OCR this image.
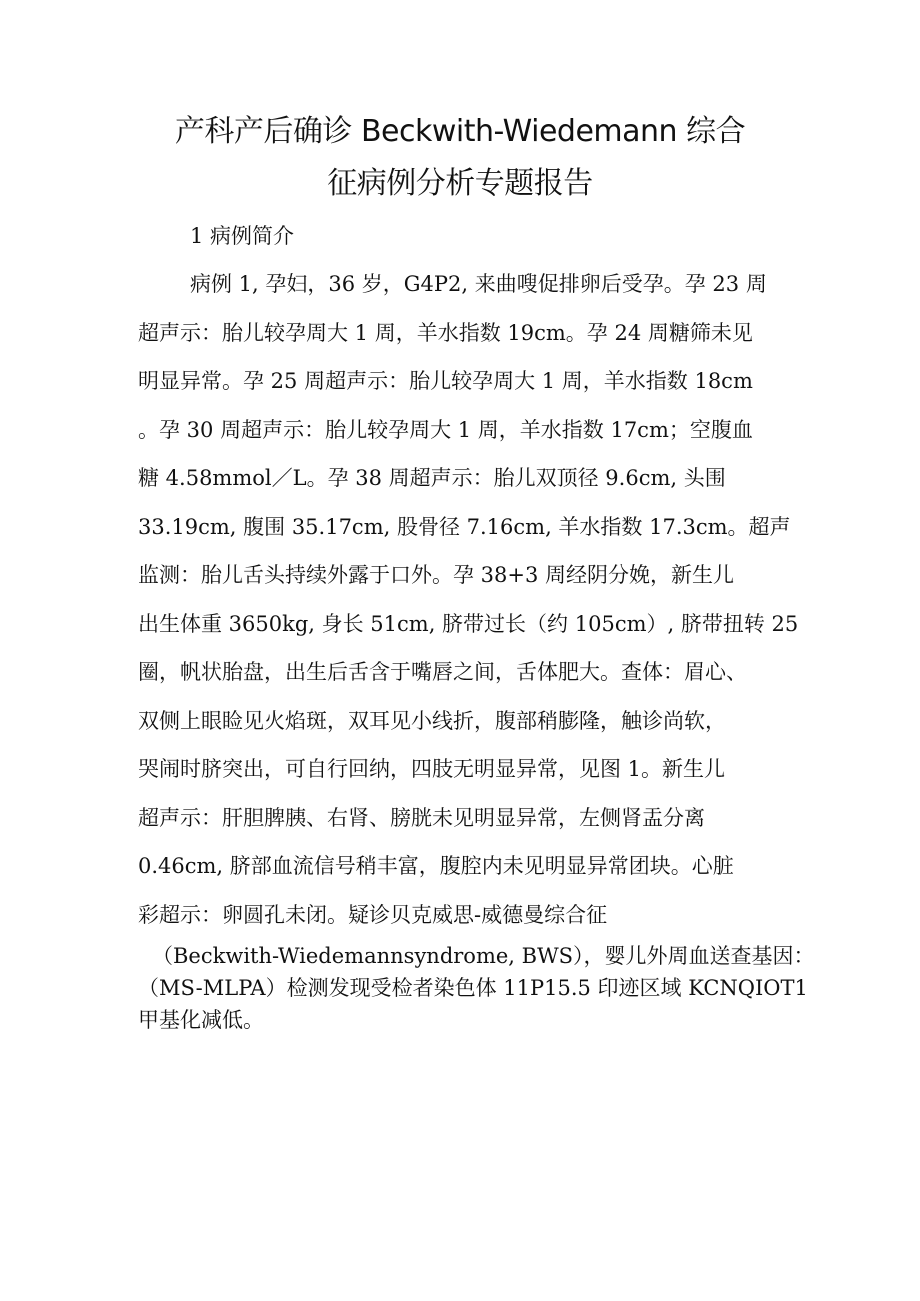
产科产后确诊 Beckwith-Wiedemann 综合
征病例分析专题报告
1 病例简介
病例 1, 孕妇，36 岁，G4P2, 来曲嗖促排卵后受孕。孕 23 周
超声示：胎儿较孕周大 1 周，羊水指数 19cm。孕 24 周糖筛未见
明显异常。孕 25 周超声示：胎儿较孕周大 1 周，羊水指数 18cm
。孕 30 周超声示：胎儿较孕周大 1 周，羊水指数 17cm；空腹血
糖 4.58mmol／L。孕 38 周超声示：胎儿双顶径 9.6cm, 头围
33.19cm, 腹围 35.17cm, 股骨径 7.16cm, 羊水指数 17.3cm。超声
监测：胎儿舌头持续外露于口外。孕 38+3 周经阴分娩，新生儿
出生体重 3650kg, 身长 51cm, 脐带过长（约 105cm）, 脐带扭转 25
圈，帆状胎盘，出生后舌含于嘴唇之间，舌体肥大。查体：眉心、
双侧上眼睑见火焰斑，双耳见小线折，腹部稍膨隆，触诊尚软，
哭闹时脐突出，可自行回纳，四肢无明显异常，见图 1。新生儿
超声示：肝胆脾胰、右肾、膀胱未见明显异常，左侧肾盂分离
0.46cm, 脐部血流信号稍丰富，腹腔内未见明显异常团块。心脏
彩超示：卵圆孔未闭。疑诊贝克威思-威德曼综合征
（Beckwith-Wiedemannsyndrome, BWS），婴儿外周血送查基因：
（MS-MLPA）检测发现受检者染色体 11P15.5 印迹区域 KCNQIOT1
甲基化减低。
